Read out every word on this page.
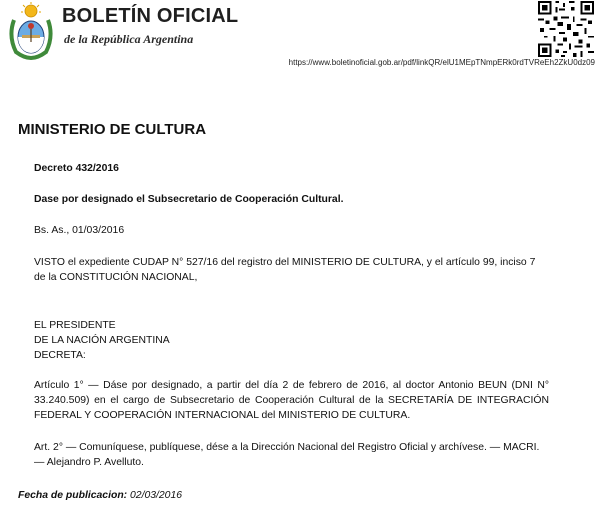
BOLETÍN OFICIAL
de la República Argentina
https://www.boletinoficial.gob.ar/pdf/linkQR/elU1MEpTNmpERk0rdTVReEh2ZkU0dz09
MINISTERIO DE CULTURA
Decreto 432/2016
Dase por designado el Subsecretario de Cooperación Cultural.
Bs. As., 01/03/2016
VISTO el expediente CUDAP N° 527/16 del registro del MINISTERIO DE CULTURA, y el artículo 99, inciso 7 de la CONSTITUCIÓN NACIONAL,

EL PRESIDENTE

DE LA NACIÓN ARGENTINA

DECRETA:

Artículo 1° — Dáse por designado, a partir del día 2 de febrero de 2016, al doctor Antonio BEUN (DNI N° 33.240.509) en el cargo de Subsecretario de Cooperación Cultural de la SECRETARÍA DE INTEGRACIÓN FEDERAL Y COOPERACIÓN INTERNACIONAL del MINISTERIO DE CULTURA.
Art. 2° — Comuníquese, publíquese, dése a la Dirección Nacional del Registro Oficial y archívese. — MACRI. — Alejandro P. Avelluto.
Fecha de publicacion: 02/03/2016
